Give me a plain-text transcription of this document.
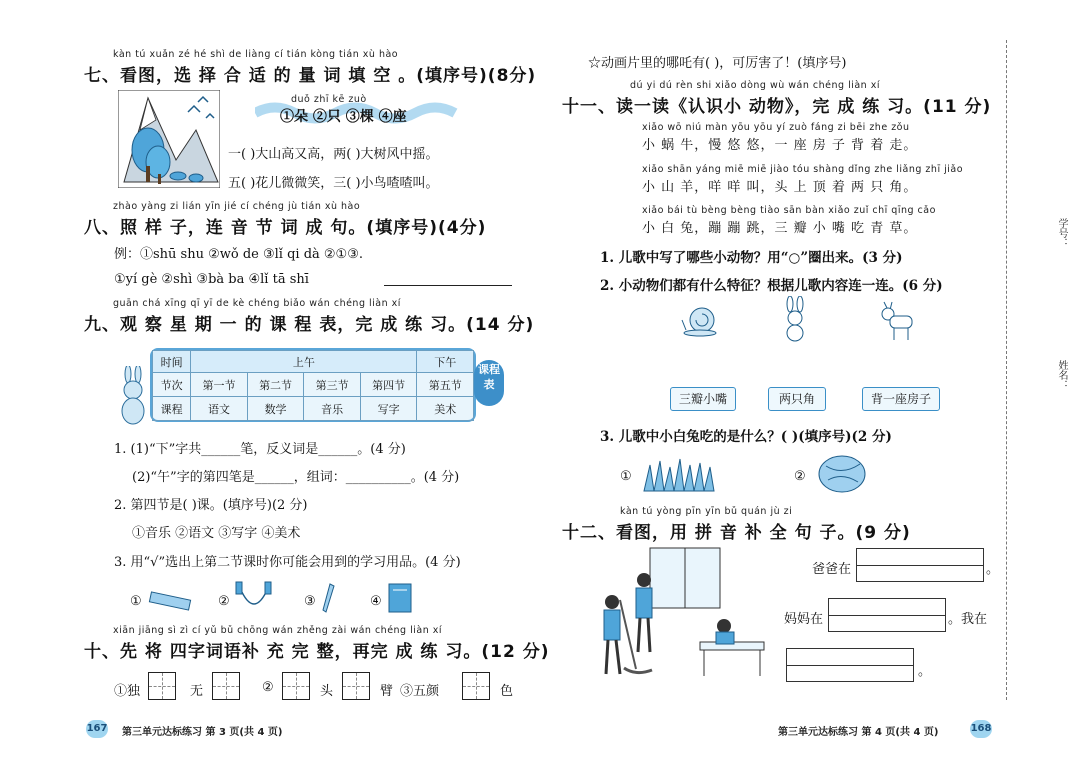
kàn tú xuǎn zé hé shì de liàng cí tián kòng tián xù hào
七、看图，选 择 合 适 的 量 词 填 空 。(填序号)(8分)
duǒ zhī kē zuò
①朵 ②只 ③棵 ④座
一( )大山高又高，两( )大树风中摇。
五( )花儿微微笑，三( )小鸟喳喳叫。
zhào yàng zi lián yīn jié cí chéng jù tián xù hào
八、照 样 子，连 音 节 词 成 句。(填序号)(4分)
例：①shū shu ②wǒ de ③lǐ qi dà ②①③.
①yí gè ②shì ③bà ba ④lǐ tā shī
guān chá xīng qī yī de kè chéng biǎo wán chéng liàn xí
九、观 察 星 期 一 的 课 程 表，完 成 练 习。(14 分)
时间	上午				下午
节次	第一节	第二节	第三节	第四节	第五节
课程	语文	数学	音乐	写字	美术
课程表
1. (1)“下”字共______笔，反义词是______。(4 分)
(2)“午”字的第四笔是______，组词：__________。(4 分)
2. 第四节是( )课。(填序号)(2 分)
①音乐 ②语文 ③写字 ④美术
3. 用“√”选出上第二节课时你可能会用到的学习用品。(4 分)
①	②	③	④
xiān jiāng sì zì cí yǔ bǔ chōng wán zhěng zài wán chéng liàn xí
十、先 将 四字词语补 充 完 整，再完 成 练 习。(12 分)
①独	无	②	头	臂 ③五颜	色
167 第三单元达标练习 第 3 页(共 4 页)
☆动画片里的哪吒有( )，可厉害了！(填序号)
dú yi dú rèn shi xiǎo dòng wù wán chéng liàn xí
十一、读一读《认识小 动物》，完 成 练 习。(11 分)
xiǎo wō niú màn yōu yōu yí zuò fáng zi bēi zhe zǒu
小 蜗 牛，慢 悠 悠，一 座 房 子 背 着 走。
xiǎo shān yáng miē miē jiào tóu shàng dǐng zhe liǎng zhī jiǎo
小 山 羊，咩 咩 叫，头 上 顶 着 两 只 角。
xiǎo bái tù bèng bèng tiào sān bàn xiǎo zuǐ chī qīng cǎo
小 白 兔，蹦 蹦 跳，三 瓣 小 嘴 吃 青 草。
1. 儿歌中写了哪些小动物？用“○”圈出来。(3 分)
2. 小动物们都有什么特征？根据儿歌内容连一连。(6 分)
三瓣小嘴	两只角	背一座房子
3. 儿歌中小白兔吃的是什么？( )(填序号)(2 分)
①	②
kàn tú yòng pīn yīn bǔ quán jù zi
十二、看图，用 拼 音 补 全 句 子。(9 分)
爸爸在	。
妈妈在	。我在
。
学号：
姓名：
第三单元达标练习 第 4 页(共 4 页)	168
